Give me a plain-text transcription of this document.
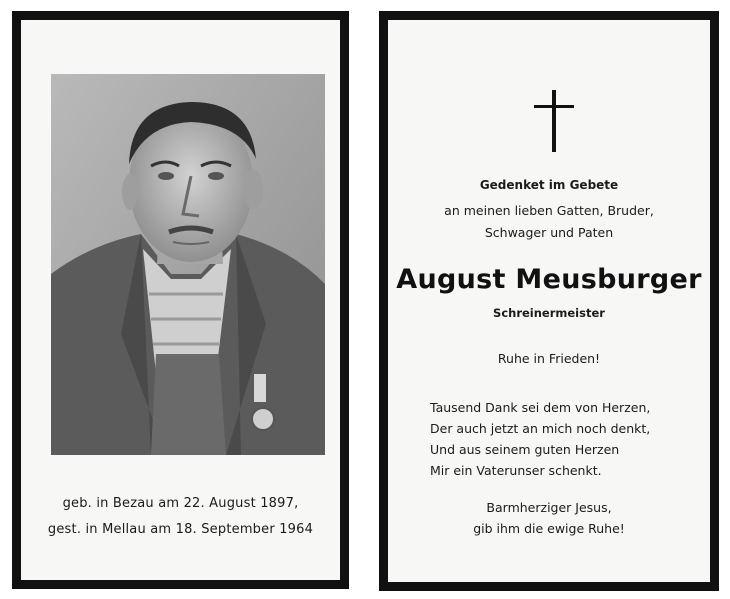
geb. in Bezau am 22. August 1897,
gest. in Mellau am 18. September 1964
Gedenket im Gebete
an meinen lieben Gatten, Bruder,
Schwager und Paten
August Meusburger
Schreinermeister
Ruhe in Frieden!
Tausend Dank sei dem von Herzen,
Der auch jetzt an mich noch denkt,
Und aus seinem guten Herzen
Mir ein Vaterunser schenkt.
Barmherziger Jesus,
gib ihm die ewige Ruhe!
